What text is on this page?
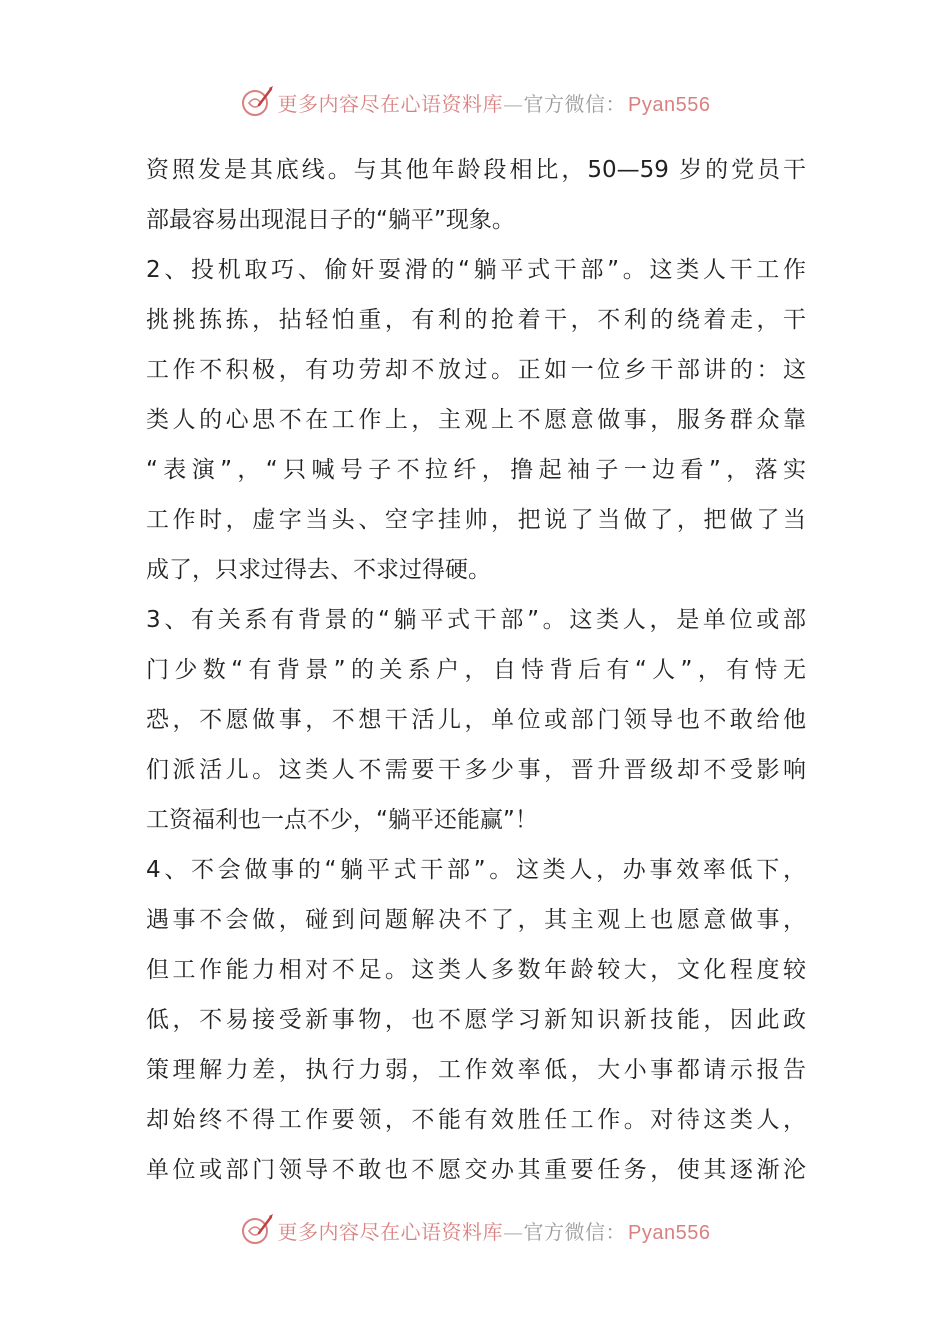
更多内容尽在心语资料库—官方微信： Pyan556
资照发是其底线。与其他年龄段相比，50—59 岁的党员干
部最容易出现混日子的“躺平”现象。
2、投机取巧、偷奸耍滑的“躺平式干部”。这类人干工作
挑挑拣拣，拈轻怕重，有利的抢着干，不利的绕着走，干
工作不积极，有功劳却不放过。正如一位乡干部讲的：这
类人的心思不在工作上，主观上不愿意做事，服务群众靠
“表演”，“只喊号子不拉纤，撸起袖子一边看”，落实
工作时，虚字当头、空字挂帅，把说了当做了，把做了当
成了，只求过得去、不求过得硬。
3、有关系有背景的“躺平式干部”。这类人，是单位或部
门少数“有背景”的关系户，自恃背后有“人”，有恃无
恐，不愿做事，不想干活儿，单位或部门领导也不敢给他
们派活儿。这类人不需要干多少事，晋升晋级却不受影响
工资福利也一点不少，“躺平还能赢”！
4、不会做事的“躺平式干部”。这类人，办事效率低下，
遇事不会做，碰到问题解决不了，其主观上也愿意做事，
但工作能力相对不足。这类人多数年龄较大，文化程度较
低，不易接受新事物，也不愿学习新知识新技能，因此政
策理解力差，执行力弱，工作效率低，大小事都请示报告
却始终不得工作要领，不能有效胜任工作。对待这类人，
单位或部门领导不敢也不愿交办其重要任务，使其逐渐沦
更多内容尽在心语资料库—官方微信： Pyan556
